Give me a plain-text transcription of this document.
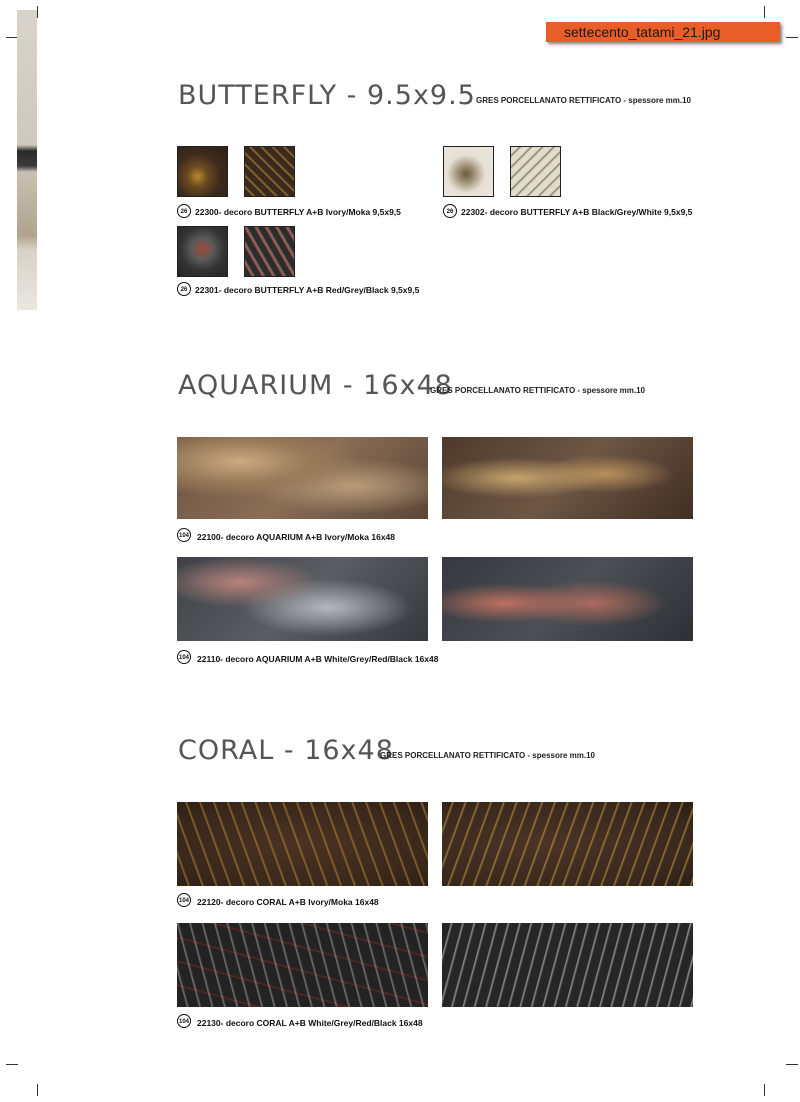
settecento_tatami_21.jpg
BUTTERFLY - 9.5x9.5 GRES PORCELLANATO RETTIFICATO - spessore mm.10
26 22300- decoro BUTTERFLY A+B Ivory/Moka 9,5x9,5	26 22302- decoro BUTTERFLY A+B Black/Grey/White 9,5x9,5
26 22301- decoro BUTTERFLY A+B Red/Grey/Black 9,5x9,5
AQUARIUM - 16x48
GRES PORCELLANATO RETTIFICATO - spessore mm.10
104 22100- decoro AQUARIUM A+B Ivory/Moka 16x48
104 22110- decoro AQUARIUM A+B White/Grey/Red/Black 16x48
CORAL - 16x48
GRES PORCELLANATO RETTIFICATO - spessore mm.10
104 22120- decoro CORAL A+B Ivory/Moka 16x48
104 22130- decoro CORAL A+B White/Grey/Red/Black 16x48
